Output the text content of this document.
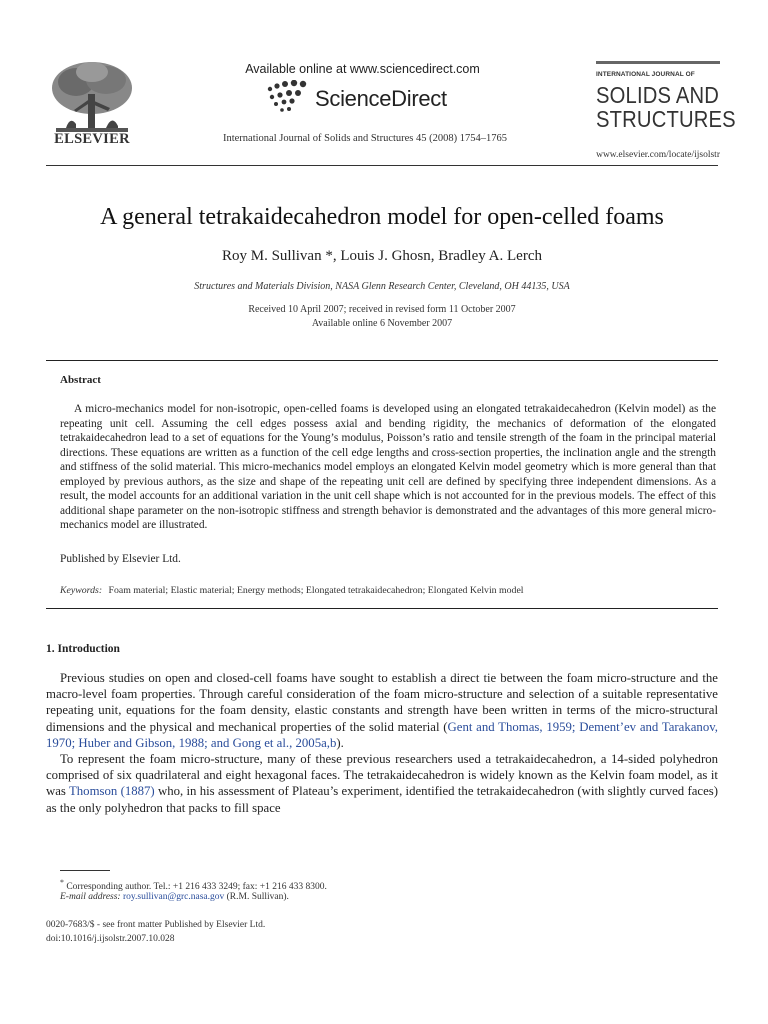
ELSEVIER
Available online at www.sciencedirect.com
ScienceDirect
International Journal of Solids and Structures 45 (2008) 1754–1765
INTERNATIONAL JOURNAL OF
SOLIDS AND
STRUCTURES
www.elsevier.com/locate/ijsolstr
A general tetrakaidecahedron model for open-celled foams
Roy M. Sullivan *, Louis J. Ghosn, Bradley A. Lerch
Structures and Materials Division, NASA Glenn Research Center, Cleveland, OH 44135, USA
Received 10 April 2007; received in revised form 11 October 2007
Available online 6 November 2007
Abstract
A micro-mechanics model for non-isotropic, open-celled foams is developed using an elongated tetrakaidecahedron (Kelvin model) as the repeating unit cell. Assuming the cell edges possess axial and bending rigidity, the mechanics of deformation of the elongated tetrakaidecahedron lead to a set of equations for the Young’s modulus, Poisson’s ratio and tensile strength of the foam in the principal material directions. These equations are written as a function of the cell edge lengths and cross-section properties, the inclination angle and the strength and stiffness of the solid material. This micro-mechanics model employs an elongated Kelvin model geometry which is more general than that employed by previous authors, as the size and shape of the repeating unit cell are defined by specifying three independent dimensions. As a result, the model accounts for an additional variation in the unit cell shape which is not accounted for in the previous models. The effect of this additional shape parameter on the non-isotropic stiffness and strength behavior is demonstrated and the advantages of this more general micro-mechanics model are illustrated.
Published by Elsevier Ltd.
Keywords: Foam material; Elastic material; Energy methods; Elongated tetrakaidecahedron; Elongated Kelvin model
1. Introduction

Previous studies on open and closed-cell foams have sought to establish a direct tie between the foam micro-structure and the macro-level foam properties. Through careful consideration of the foam micro-structure and selection of a suitable representative repeating unit, equations for the foam density, elastic constants and strength have been written in terms of the micro-structural dimensions and the physical and mechanical properties of the solid material (Gent and Thomas, 1959; Dement’ev and Tarakanov, 1970; Huber and Gibson, 1988; and Gong et al., 2005a,b).

To represent the foam micro-structure, many of these previous researchers used a tetrakaidecahedron, a 14-sided polyhedron comprised of six quadrilateral and eight hexagonal faces. The tetrakaidecahedron is widely known as the Kelvin foam model, as it was Thomson (1887) who, in his assessment of Plateau’s experiment, identified the tetrakaidecahedron (with slightly curved faces) as the only polyhedron that packs to fill space

* Corresponding author. Tel.: +1 216 433 3249; fax: +1 216 433 8300.
E-mail address: roy.sullivan@grc.nasa.gov (R.M. Sullivan).
0020-7683/$ - see front matter Published by Elsevier Ltd.
doi:10.1016/j.ijsolstr.2007.10.028
